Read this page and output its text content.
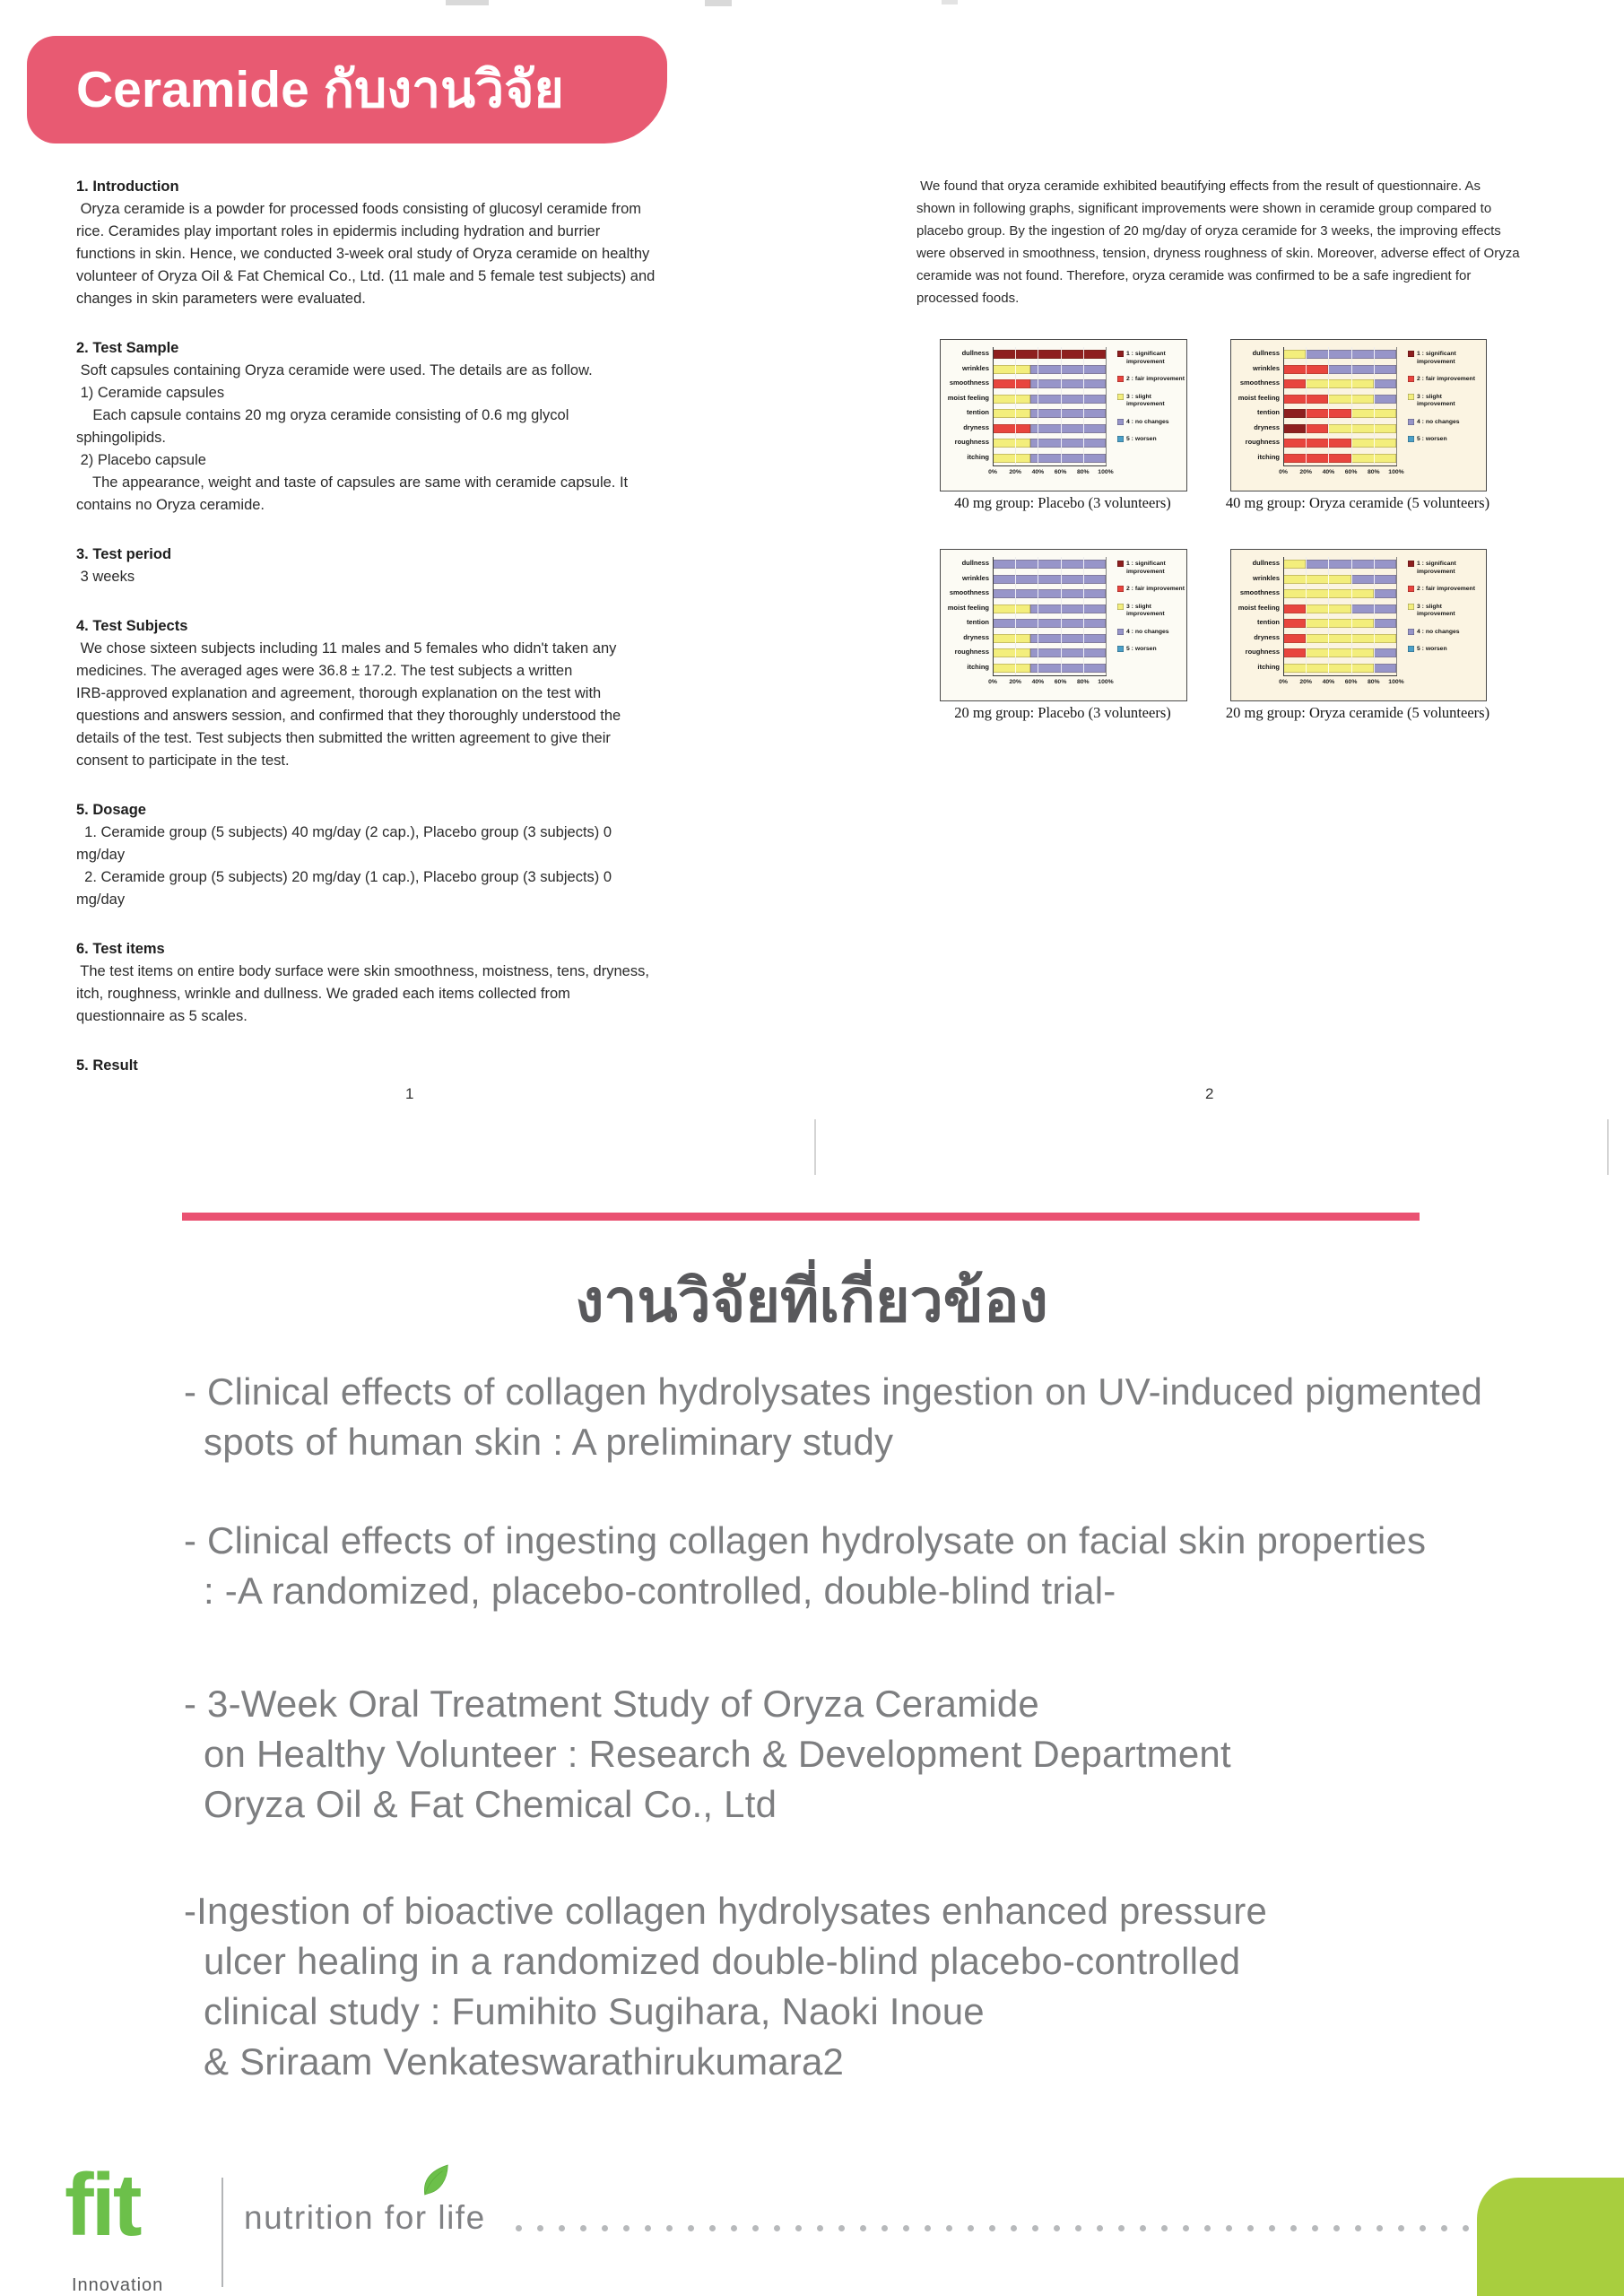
Ceramide กับงานวิจัย
1. Introduction
Oryza ceramide is a powder for processed foods consisting of glucosyl ceramide from
rice. Ceramides play important roles in epidermis including hydration and burrier
functions in skin. Hence, we conducted 3-week oral study of Oryza ceramide on healthy
volunteer of Oryza Oil & Fat Chemical Co., Ltd. (11 male and 5 female test subjects) and
changes in skin parameters were evaluated.
2. Test Sample
Soft capsules containing Oryza ceramide were used. The details are as follow.
1) Ceramide capsules
Each capsule contains 20 mg oryza ceramide consisting of 0.6 mg glycol
sphingolipids.
2) Placebo capsule
The appearance, weight and taste of capsules are same with ceramide capsule. It
contains no Oryza ceramide.
3. Test period
3 weeks
4. Test Subjects
We chose sixteen subjects including 11 males and 5 females who didn't taken any
medicines. The averaged ages were 36.8 ± 17.2. The test subjects a written
IRB-approved explanation and agreement, thorough explanation on the test with
questions and answers session, and confirmed that they thoroughly understood the
details of the test. Test subjects then submitted the written agreement to give their
consent to participate in the test.
5. Dosage
1. Ceramide group (5 subjects) 40 mg/day (2 cap.), Placebo group (3 subjects) 0
mg/day
2. Ceramide group (5 subjects) 20 mg/day (1 cap.), Placebo group (3 subjects) 0
mg/day
6. Test items
The test items on entire body surface were skin smoothness, moistness, tens, dryness,
itch, roughness, wrinkle and dullness. We graded each items collected from
questionnaire as 5 scales.
5. Result
1
We found that oryza ceramide exhibited beautifying effects from the result of questionnaire. As
shown in following graphs, significant improvements were shown in ceramide group compared to
placebo group. By the ingestion of 20 mg/day of oryza ceramide for 3 weeks, the improving effects
were observed in smoothness, tension, dryness roughness of skin. Moreover, adverse effect of Oryza
ceramide was not found. Therefore, oryza ceramide was confirmed to be a safe ingredient for
processed foods.
2
dullness
wrinkles
smoothness
moist feeling
tention
dryness
roughness
itching
0%	20%	40%	60%	80%	100%
1 : significant improvement
2 : fair improvement
3 : slight improvement
4 : no changes
5 : worsen
dullness
wrinkles
smoothness
moist feeling
tention
dryness
roughness
itching
0%	20%	40%	60%	80%	100%
1 : significant improvement
2 : fair improvement
3 : slight improvement
4 : no changes
5 : worsen
dullness
wrinkles
smoothness
moist feeling
tention
dryness
roughness
itching
0%	20%	40%	60%	80%	100%
1 : significant improvement
2 : fair improvement
3 : slight improvement
4 : no changes
5 : worsen
dullness
wrinkles
smoothness
moist feeling
tention
dryness
roughness
itching
0%	20%	40%	60%	80%	100%
1 : significant improvement
2 : fair improvement
3 : slight improvement
4 : no changes
5 : worsen
40 mg group: Placebo (3 volunteers)	40 mg group: Oryza ceramide (5 volunteers)
20 mg group: Placebo (3 volunteers)	20 mg group: Oryza ceramide (5 volunteers)
งานวิจัยที่เกี่ยวข้อง
- Clinical effects of collagen hydrolysates ingestion on UV-induced pigmented
spots of human skin : A preliminary study
- Clinical effects of ingesting collagen hydrolysate on facial skin properties
: -A randomized, placebo-controlled, double-blind trial-
- 3-Week Oral Treatment Study of Oryza Ceramide
on Healthy Volunteer : Research & Development Department
Oryza Oil & Fat Chemical Co., Ltd
-Ingestion of bioactive collagen hydrolysates enhanced pressure
ulcer healing in a randomized double-blind placebo-controlled
clinical study : Fumihito Sugihara, Naoki Inoue
& Sriraam Venkateswarathirukumara2
fit
Innovation
nutrition for life
